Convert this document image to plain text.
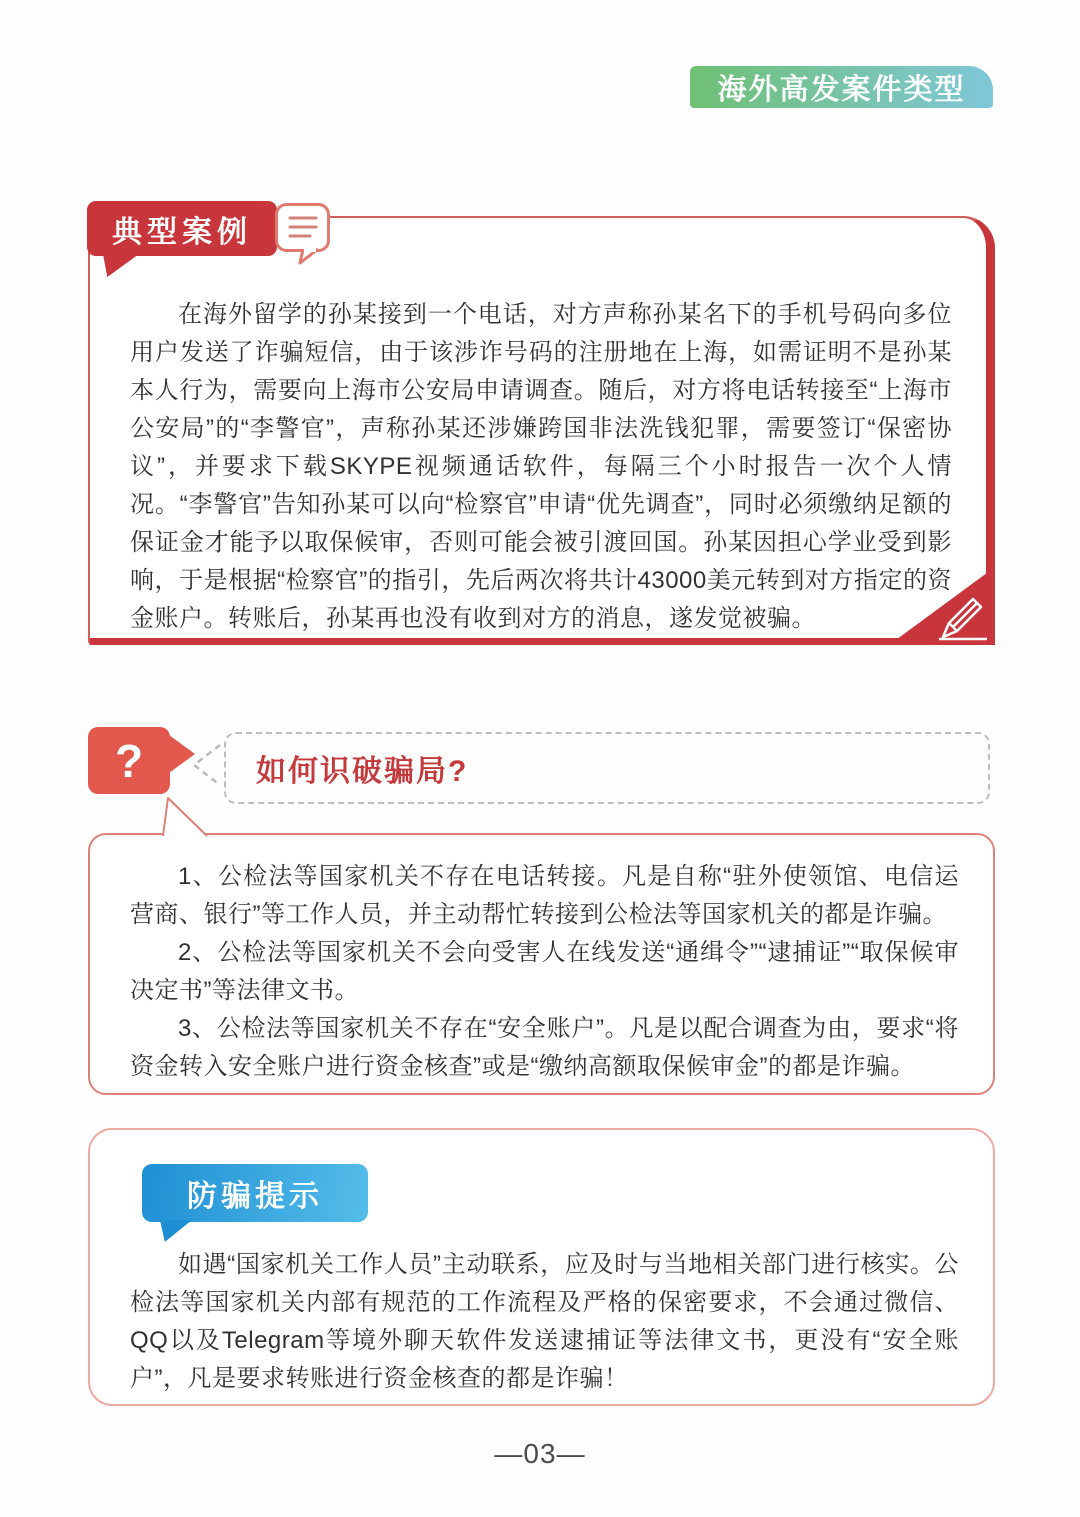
海外高发案件类型
典型案例
在海外留学的孙某接到一个电话，对方声称孙某名下的手机号码向多位用户发送了诈骗短信，由于该涉诈号码的注册地在上海，如需证明不是孙某本人行为，需要向上海市公安局申请调查。随后，对方将电话转接至“上海市公安局”的“李警官”，声称孙某还涉嫌跨国非法洗钱犯罪，需要签订“保密协议”，并要求下载SKYPE视频通话软件，每隔三个小时报告一次个人情况。“李警官”告知孙某可以向“检察官”申请“优先调查”，同时必须缴纳足额的保证金才能予以取保候审，否则可能会被引渡回国。孙某因担心学业受到影响，于是根据“检察官”的指引，先后两次将共计43000美元转到对方指定的资金账户。转账后，孙某再也没有收到对方的消息，遂发觉被骗。
?	如何识破骗局?

1、公检法等国家机关不存在电话转接。凡是自称“驻外使领馆、电信运营商、银行”等工作人员，并主动帮忙转接到公检法等国家机关的都是诈骗。

2、公检法等国家机关不会向受害人在线发送“通缉令”“逮捕证”“取保候审决定书”等法律文书。

3、公检法等国家机关不存在“安全账户”。凡是以配合调查为由，要求“将资金转入安全账户进行资金核查”或是“缴纳高额取保候审金”的都是诈骗。

防骗提示

如遇“国家机关工作人员”主动联系，应及时与当地相关部门进行核实。公检法等国家机关内部有规范的工作流程及严格的保密要求，不会通过微信、QQ以及Telegram等境外聊天软件发送逮捕证等法律文书，更没有“安全账户”，凡是要求转账进行资金核查的都是诈骗！

—03—
